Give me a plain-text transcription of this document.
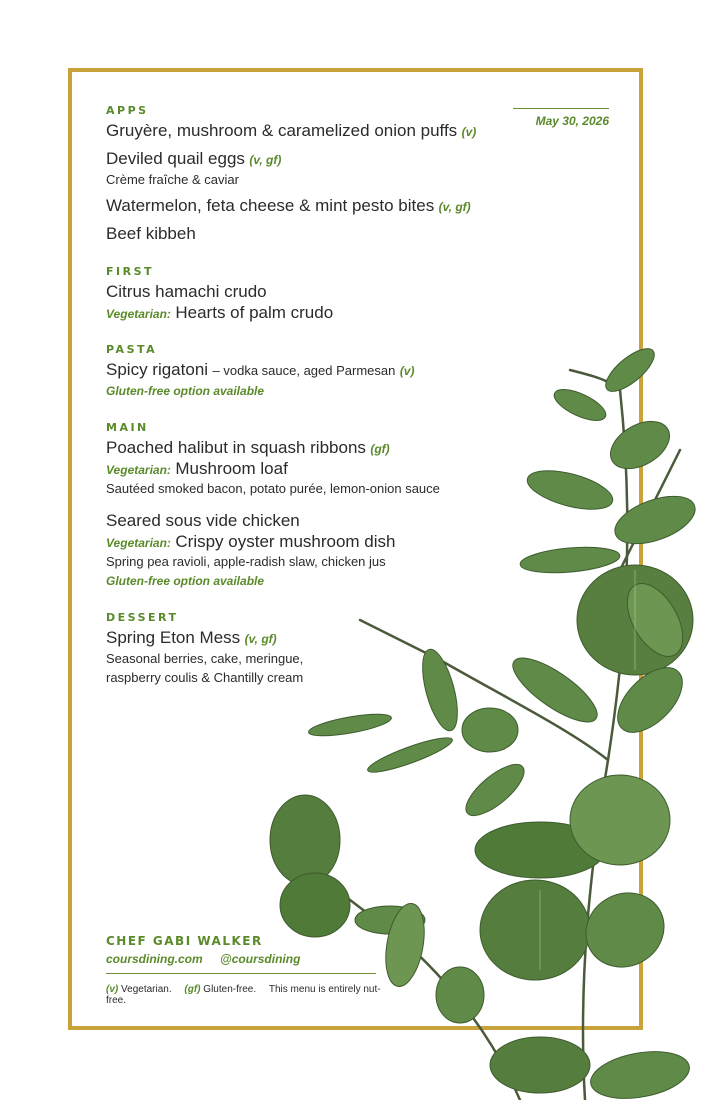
May 30, 2026
APPS
Gruyère, mushroom & caramelized onion puffs (v)
Deviled quail eggs (v, gf)
Crème fraîche & caviar
Watermelon, feta cheese & mint pesto bites (v, gf)
Beef kibbeh
FIRST
Citrus hamachi crudo
Vegetarian: Hearts of palm crudo
PASTA
Spicy rigatoni – vodka sauce, aged Parmesan (v)
Gluten-free option available
MAIN
Poached halibut in squash ribbons (gf)
Vegetarian: Mushroom loaf
Sautéed smoked bacon, potato purée, lemon-onion sauce
Seared sous vide chicken
Vegetarian: Crispy oyster mushroom dish
Spring pea ravioli, apple-radish slaw, chicken jus
Gluten-free option available
DESSERT
Spring Eton Mess (v, gf)
Seasonal berries, cake, meringue,
raspberry coulis & Chantilly cream
CHEF GABI WALKER
coursdining.com @coursdining
(v) Vegetarian. (gf) Gluten-free. This menu is entirely nut-free.
